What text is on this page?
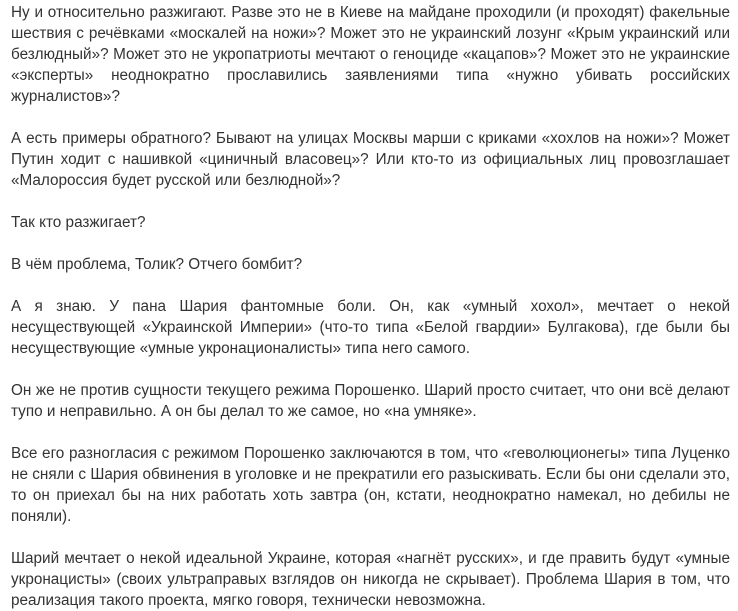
Ну и относительно разжигают. Разве это не в Киеве на майдане проходили (и проходят) факельные шествия с речёвками «москалей на ножи»? Может это не украинский лозунг «Крым украинский или безлюдный»? Может это не укропатриоты мечтают о геноциде «кацапов»? Может это не украинские «эксперты» неоднократно прославились заявлениями типа «нужно убивать российских журналистов»?

А есть примеры обратного? Бывают на улицах Москвы марши с криками «хохлов на ножи»? Может Путин ходит с нашивкой «циничный власовец»? Или кто-то из официальных лиц провозглашает «Малороссия будет русской или безлюдной»?

Так кто разжигает?

В чём проблема, Толик? Отчего бомбит?

А я знаю. У пана Шария фантомные боли. Он, как «умный хохол», мечтает о некой несуществующей «Украинской Империи» (что-то типа «Белой гвардии» Булгакова), где были бы несуществующие «умные укронационалисты» типа него самого.

Он же не против сущности текущего режима Порошенко. Шарий просто считает, что они всё делают тупо и неправильно. А он бы делал то же самое, но «на умняке».

Все его разногласия с режимом Порошенко заключаются в том, что «геволюционегы» типа Луценко не сняли с Шария обвинения в уголовке и не прекратили его разыскивать. Если бы они сделали это, то он приехал бы на них работать хоть завтра (он, кстати, неоднократно намекал, но дебилы не поняли).

Шарий мечтает о некой идеальной Украине, которая «нагнёт русских», и где править будут «умные укронацисты» (своих ультраправых взглядов он никогда не скрывает). Проблема Шария в том, что реализация такого проекта, мягко говоря, технически невозможна.
